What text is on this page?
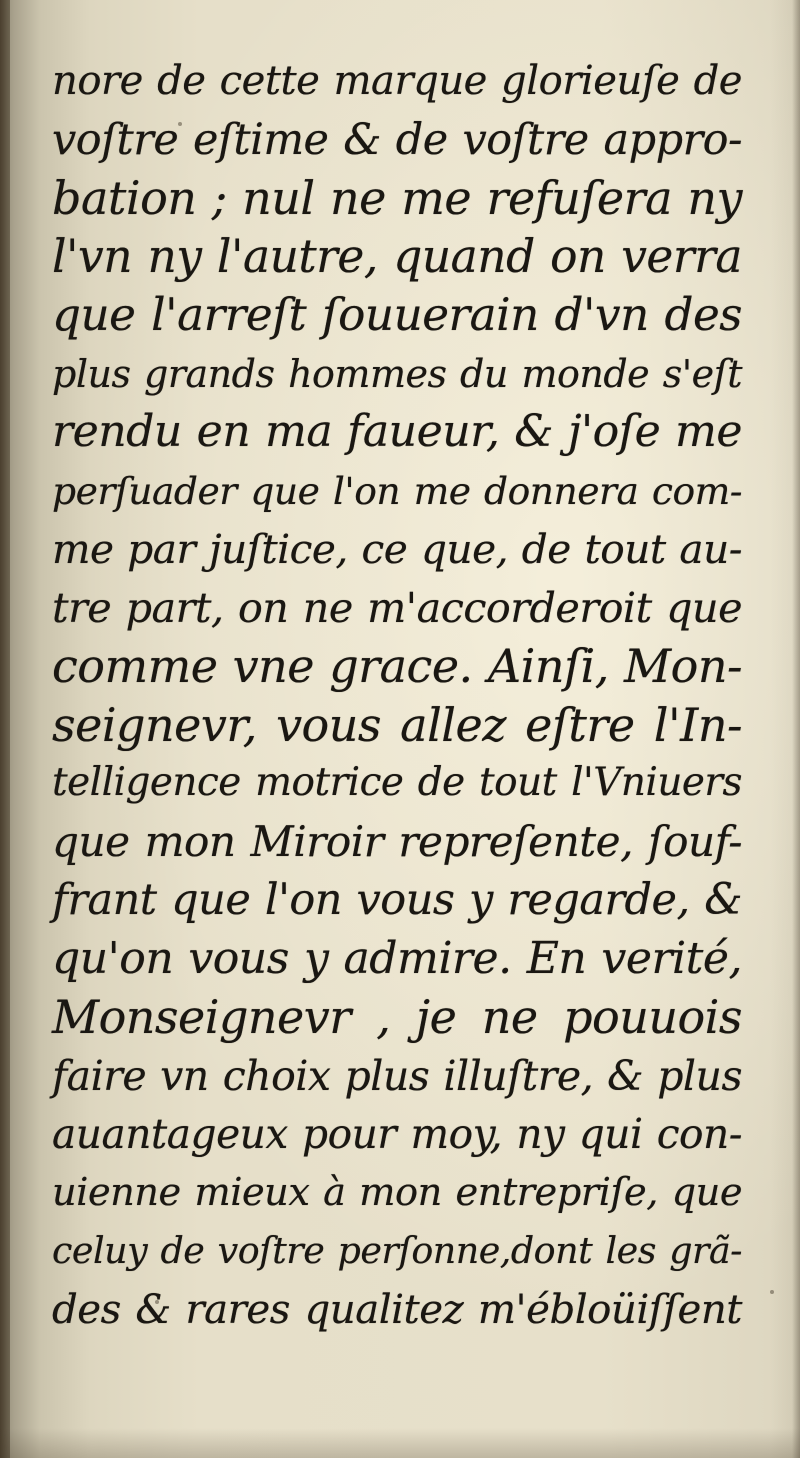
nore de cette marque glorieuſe de
voſtre eſtime & de voſtre appro-
bation ; nul ne me refuſera ny
l'vn ny l'autre, quand on verra
que l'arreſt ſouuerain d'vn des
plus grands hommes du monde s'eſt
rendu en ma faueur, & j'oſe me
perſuader que l'on me donnera com-
me par juſtice, ce que, de tout au-
tre part, on ne m'accorderoit que
comme vne grace. Ainſi, Mon-
seignevr, vous allez eſtre l'In-
telligence motrice de tout l'Vniuers
que mon Miroir repreſente, ſouf-
frant que l'on vous y regarde, &
qu'on vous y admire. En verité,
Monseignevr , je ne pouuois
faire vn choix plus illuſtre, & plus
auantageux pour moy, ny qui con-
uienne mieux à mon entrepriſe, que
celuy de voſtre perſonne,dont les grã-
des & rares qualitez m'ébloüiſſent
